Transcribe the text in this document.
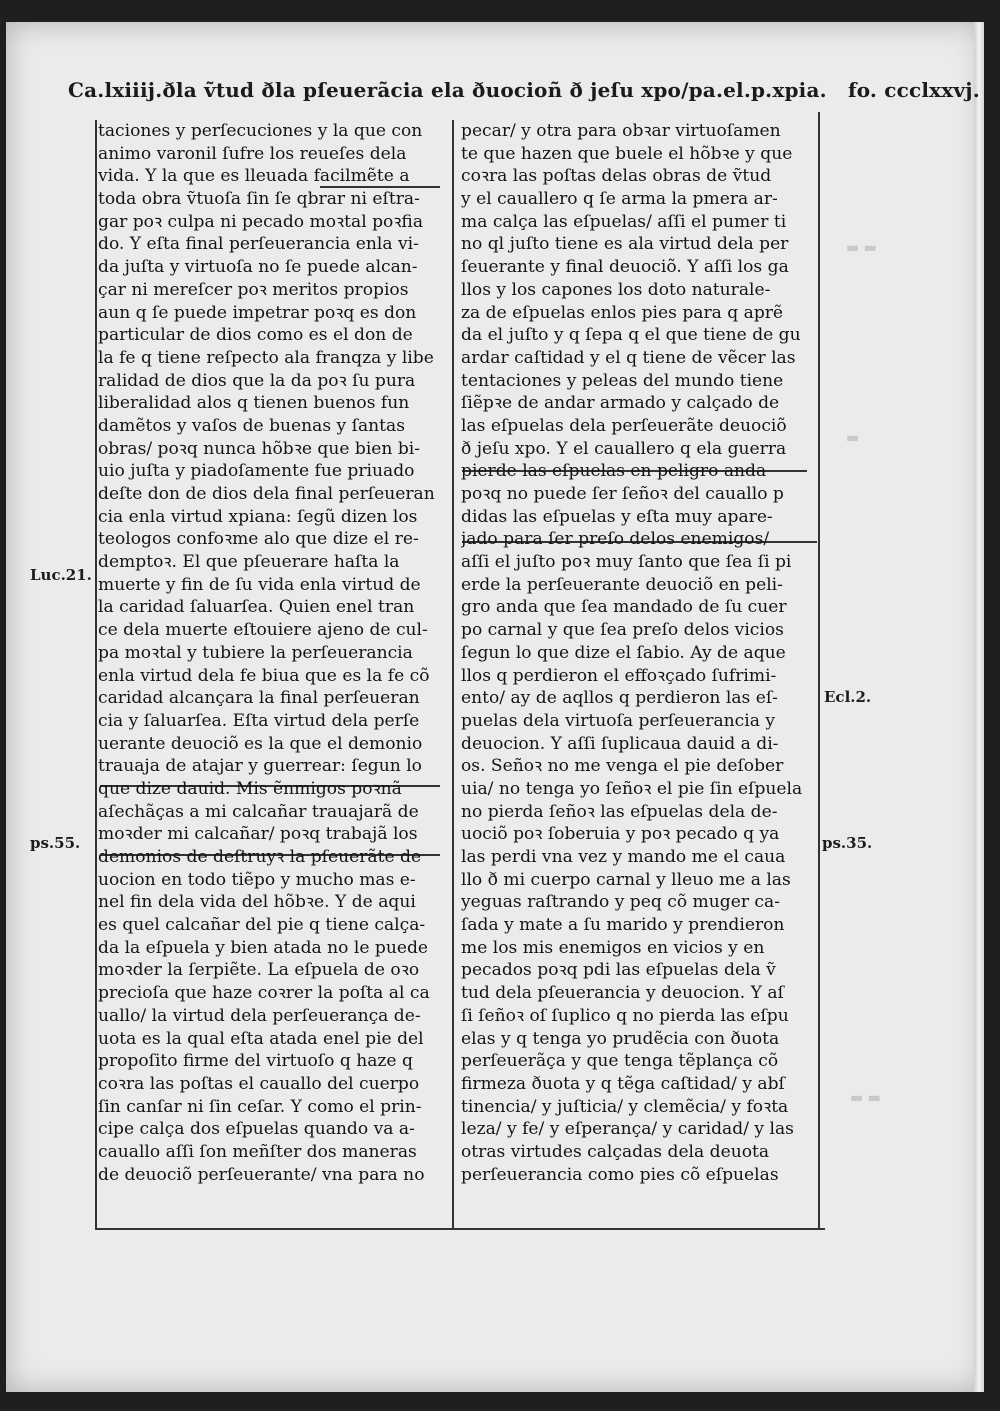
Ca.lxiiij.ðla ṽtud ðla pſeuerãcia ela ðuocioñ ð jeſu xpo/pa.el.p.xpia. fo. ccclxxvj.
Luc.21.
ps.55.
Ecl.2.
ps.35.
▬ ▬
▬
▬ ▬
taciones y perſecuciones y la que con
animo varonil ſufre los reueſes dela
vida. Y la que es lleuada facilmẽte a
toda obra ṽtuoſa ſin ſe qbrar ni eſtra-
gar poꝛ culpa ni pecado moꝛtal poꝛfia
do. Y eſta final perſeuerancia enla vi-
da juſta y virtuoſa no ſe puede alcan-
çar ni mereſcer poꝛ meritos propios
aun q ſe puede impetrar poꝛq es don
particular de dios como es el don de
la fe q tiene reſpecto ala franqza y libe
ralidad de dios que la da poꝛ ſu pura
liberalidad alos q tienen buenos fun
damẽtos y vaſos de buenas y ſantas
obras/ poꝛq nunca hõbꝛe que bien bi-
uio juſta y piadoſamente fue priuado
deſte don de dios dela final perſeueran
cia enla virtud xpiana: ſegũ dizen los
teologos confoꝛme alo que dize el re-
demptoꝛ. El que pſeuerare haſta la
muerte y fin de ſu vida enla virtud de
la caridad ſaluarſea. Quien enel tran
ce dela muerte eſtouiere ajeno de cul-
pa moꝛtal y tubiere la perſeuerancia
enla virtud dela fe biua que es la fe cõ
caridad alcançara la final perſeueran
cia y ſaluarſea. Eſta virtud dela perſe
uerante deuociõ es la que el demonio
trauaja de atajar y guerrear: ſegun lo
que dize dauid. Mis ẽnmigos poꝛnã
aſechãças a mi calcañar trauajarã de
moꝛder mi calcañar/ poꝛq trabajã los
demonios de deſtruyꝛ la pſeuerãte de
uocion en todo tiẽpo y mucho mas e-
nel fin dela vida del hõbꝛe. Y de aqui
es quel calcañar del pie q tiene calça-
da la eſpuela y bien atada no le puede
moꝛder la ſerpiẽte. La eſpuela de oꝛo
precioſa que haze coꝛrer la poſta al ca
uallo/ la virtud dela perſeuerança de-
uota es la qual eſta atada enel pie del
propoſito firme del virtuoſo q haze q
coꝛra las poſtas el cauallo del cuerpo
ſin canſar ni ſin ceſar. Y como el prin-
cipe calça dos eſpuelas quando va a-
cauallo aſſi ſon meñſter dos maneras
de deuociõ perſeuerante/ vna para no
pecar/ y otra para obꝛar virtuoſamen
te que hazen que buele el hõbꝛe y que
coꝛra las poſtas delas obras de ṽtud
y el cauallero q ſe arma la pmera ar-
ma calça las eſpuelas/ aſſi el pumer ti
no ql juſto tiene es ala virtud dela per
ſeuerante y final deuociõ. Y aſſi los ga
llos y los capones los doto naturale-
za de eſpuelas enlos pies para q aprẽ
da el juſto y q ſepa q el que tiene de gu
ardar caſtidad y el q tiene de vẽcer las
tentaciones y peleas del mundo tiene
ſiẽpꝛe de andar armado y calçado de
las eſpuelas dela perſeuerãte deuociõ
ð jeſu xpo. Y el cauallero q ela guerra
pierde las eſpuelas en peligro anda
poꝛq no puede ſer ſeñoꝛ del cauallo p
didas las eſpuelas y eſta muy apare-
jado para ſer preſo delos enemigos/
aſſi el juſto poꝛ muy ſanto que ſea ſi pi
erde la perſeuerante deuociõ en peli-
gro anda que ſea mandado de ſu cuer
po carnal y que ſea preſo delos vicios
ſegun lo que dize el ſabio. Ay de aque
llos q perdieron el effoꝛçado ſufrimi-
ento/ ay de aqllos q perdieron las eſ-
puelas dela virtuoſa perſeuerancia y
deuocion. Y aſſi ſuplicaua dauid a di-
os. Señoꝛ no me venga el pie deſober
uia/ no tenga yo ſeñoꝛ el pie ſin eſpuela
no pierda ſeñoꝛ las eſpuelas dela de-
uociõ poꝛ ſoberuia y poꝛ pecado q ya
las perdi vna vez y mando me el caua
llo ð mi cuerpo carnal y lleuo me a las
yeguas raſtrando y peq cõ muger ca-
ſada y mate a ſu marido y prendieron
me los mis enemigos en vicios y en
pecados poꝛq pdi las eſpuelas dela ṽ
tud dela pſeuerancia y deuocion. Y aſ
ſi ſeñoꝛ oſ ſuplico q no pierda las eſpu
elas y q tenga yo prudẽcia con ðuota
perſeuerãça y que tenga tẽplança cõ
firmeza ðuota y q tẽga caſtidad/ y abſ
tinencia/ y juſticia/ y clemẽcia/ y foꝛta
leza/ y fe/ y eſperança/ y caridad/ y las
otras virtudes calçadas dela deuota
perſeuerancia como pies cõ eſpuelas
